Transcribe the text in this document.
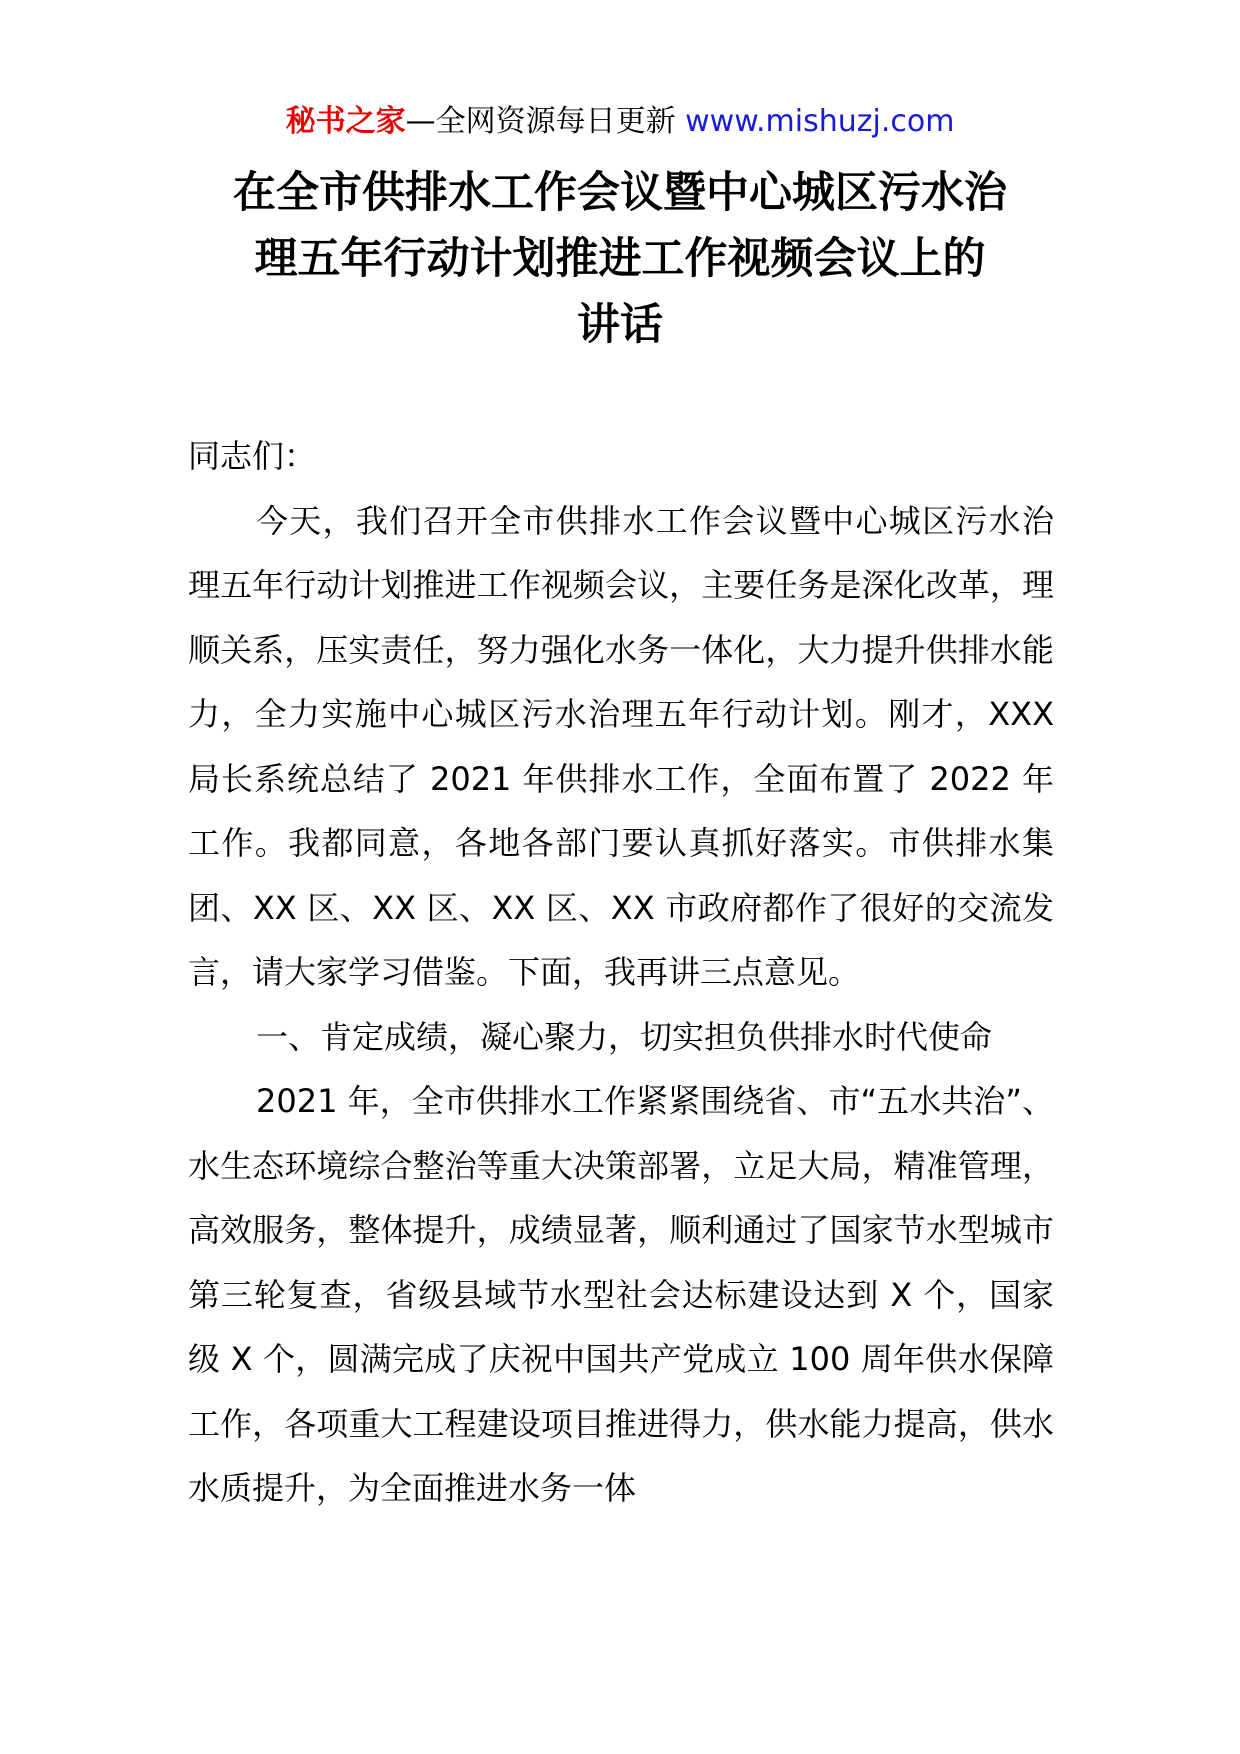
秘书之家—全网资源每日更新 www.mishuzj.com
在全市供排水工作会议暨中心城区污水治
理五年行动计划推进工作视频会议上的
讲话

同志们：

今天，我们召开全市供排水工作会议暨中心城区污水治理五年行动计划推进工作视频会议，主要任务是深化改革，理顺关系，压实责任，努力强化水务一体化，大力提升供排水能力，全力实施中心城区污水治理五年行动计划。刚才，XXX 局长系统总结了 2021 年供排水工作，全面布置了 2022 年工作。我都同意，各地各部门要认真抓好落实。市供排水集团、XX 区、XX 区、XX 区、XX 市政府都作了很好的交流发言，请大家学习借鉴。下面，我再讲三点意见。

一、肯定成绩，凝心聚力，切实担负供排水时代使命

2021 年，全市供排水工作紧紧围绕省、市“五水共治”、水生态环境综合整治等重大决策部署，立足大局，精准管理，高效服务，整体提升，成绩显著，顺利通过了国家节水型城市第三轮复查，省级县域节水型社会达标建设达到 X 个，国家级 X 个，圆满完成了庆祝中国共产党成立 100 周年供水保障工作，各项重大工程建设项目推进得力，供水能力提高，供水水质提升，为全面推进水务一体
